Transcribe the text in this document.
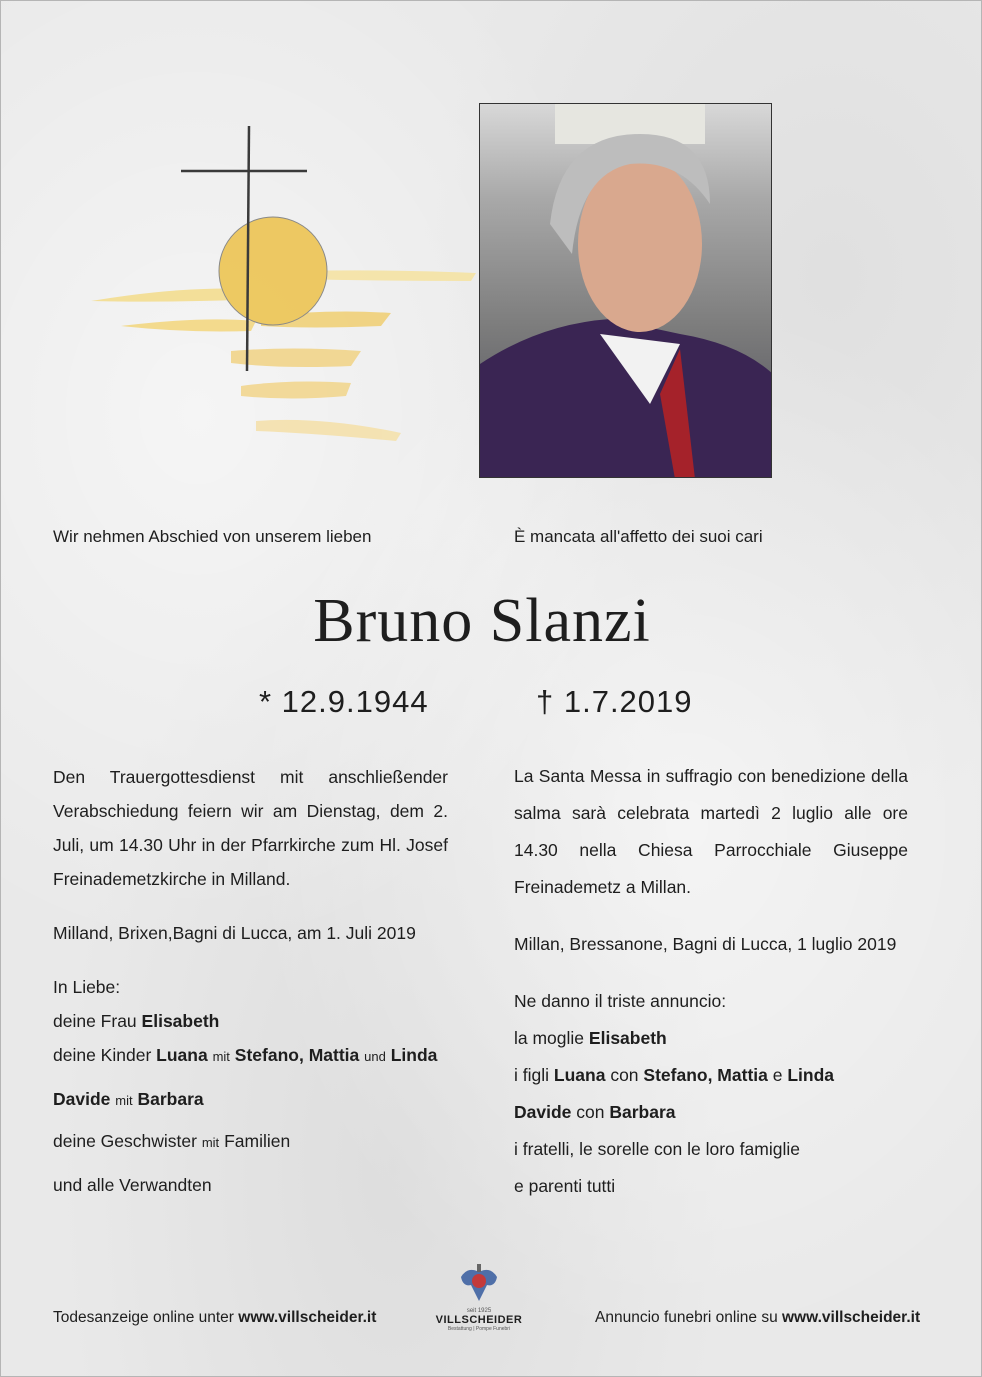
Wir nehmen Abschied von unserem lieben	È mancata all'affetto dei suoi cari
Bruno Slanzi
* 12.9.1944	† 1.7.2019
Den Trauergottesdienst mit anschließender Verabschiedung feiern wir am Dienstag, dem 2. Juli, um 14.30 Uhr in der Pfarrkirche zum Hl. Josef Freinademetzkirche in Milland.
Milland, Brixen,Bagni di Lucca, am 1. Juli 2019
In Liebe:
deine Frau Elisabeth
deine Kinder Luana mit Stefano, Mattia und Linda
Davide mit Barbara
deine Geschwister mit Familien
und alle Verwandten
La Santa Messa in suffragio con benedizione della salma sarà celebrata martedì 2 luglio alle ore 14.30 nella Chiesa Parrocchiale Giuseppe Freinademetz a Millan.
Millan, Bressanone, Bagni di Lucca, 1 luglio 2019
Ne danno il triste annuncio:
la moglie Elisabeth
i figli Luana con Stefano, Mattia e Linda
Davide con Barbara
i fratelli, le sorelle con le loro famiglie
e parenti tutti
Todesanzeige online unter www.villscheider.it	Annuncio funebri online su www.villscheider.it
seit 1925
VILLSCHEIDER
Bestattung | Pompe Funebri
